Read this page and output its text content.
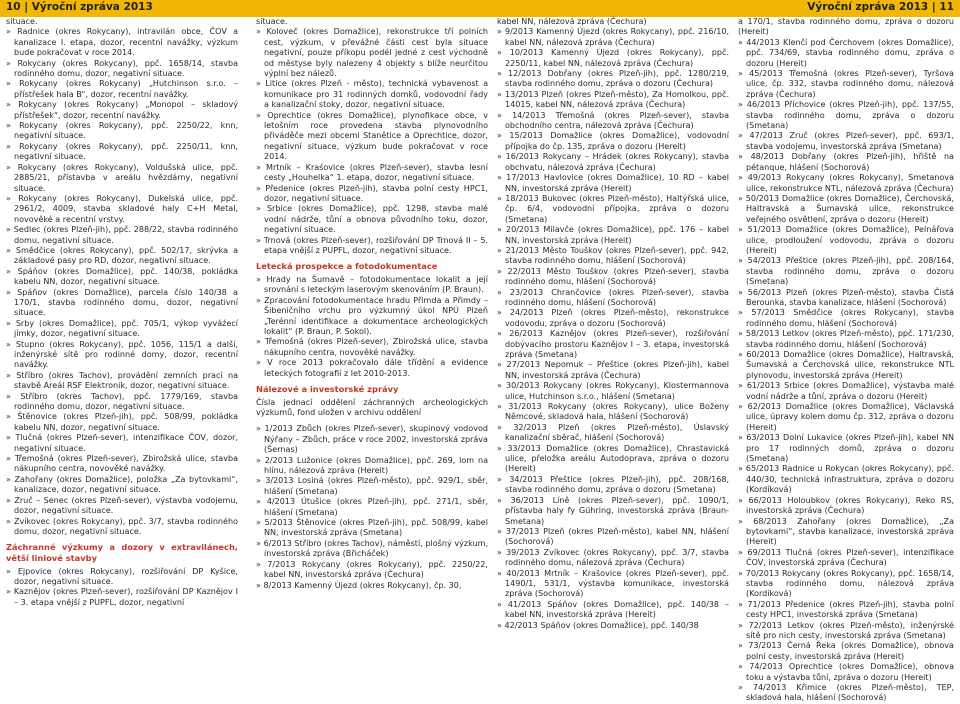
10 | Výroční zpráva 2013	Výroční zpráva 2013 | 11

situace.

» Radnice (okres Rokycany), intravilán obce, ČOV a kanalizace I. etapa, dozor, recentní navážky, výzkum bude pokračovat v roce 2014.

» Rokycany (okres Rokycany), ppč. 1658/14, stavba rodinného domu, dozor, negativní situace.

» Rokycany (okres Rokycany) „Hutchinson s.r.o. – přístřešek hala B“, dozor, recentní navážky.

» Rokycany (okres Rokycany) „Monopol – skladový přístřešek“, dozor, recentní navážky.

» Rokycany (okres Rokycany), ppč. 2250/22, knn, negativní situace.

» Rokycany (okres Rokycany), ppč. 2250/11, knn, negativní situace.

» Rokycany (okres Rokycany), Voldušská ulice, ppč. 2885/21, přístavba v areálu hvězdárny, negativní situace.

» Rokycany (okres Rokycany), Dukelská ulice, ppč. 2961/2, 4009, stavba skladové haly C+H Metal, novověké a recentní vrstvy.

» Sedlec (okres Plzeň-jih), ppč. 288/22, stavba rodinného domu, negativní situace.

» Smědčice (okres Rokycany), ppč. 502/17, skrývka a základové pasy pro RD, dozor, negativní situace.

» Spáňov (okres Domažlice), ppč. 140/38, pokládka kabelu NN, dozor, negativní situace.

» Spáňov (okres Domažlice), parcela číslo 140/38 a 170/1, stavba rodinného domu, dozor, negativní situace.

» Srby (okres Domažlice), ppč. 705/1, výkop vyváźecí jímky, dozor, negativní situace.

» Stupno (okres Rokycany), ppč. 1056, 115/1 a další, inženýrské sítě pro rodinné domy, dozor, recentní navážky.

» Stříbro (okres Tachov), provádění zemních prací na stavbě Areál RSF Elektronik, dozor, negativní situace.

» Stříbro (okres Tachov), ppč. 1779/169, stavba rodinného domu, dozor, negativní situace.

» Štěnovice (okres Plzeň-jih), ppč. 508/99, pokládka kabelu NN, dozor, negativní situace.

» Tlučná (okres Plzeň-sever), intenzifikace ČOV, dozor, negativní situace.

» Třemošná (okres Plzeň-sever), Zbirožská ulice, stavba nákupního centra, novověké navážky.

» Zahořany (okres Domažlice), položka „Za bytovkami“, kanalizace, dozor, negativní situace.

» Zruč – Senec (okres Plzeň-sever), výstavba vodojemu, dozor, negativní situace.

» Zvíkovec (okres Rokycany), ppč. 3/7, stavba rodinného domu, dozor, negativní situace.

Záchranné výzkumy a dozory v extravilánech, větší liniové stavby

» Ejpovice (okres Rokycany), rozšiřování DP Kyšice, dozor, negativní situace.

» Kaznějov (okres Plzeň-sever), rozšiřování DP Kaznějov I – 3. etapa vnější z PUPFL, dozor, negativní

situace.

» Kolovеč (okres Domažlice), rekonstrukce tří polních cest, výzkum, v převážné části cest byla situace negativní, pouze příkopu podél jedné z cest východně od městyse byly nalezeny 4 objekty s blíže neurčitou výplní bez nálezů.

» Litice (okres Plzeň - město), technická vybavenost a komunikace pro 31 rodinných domků, vodovodní řady a kanalizační stoky, dozor, negativní situace.

» Oprechtice (okres Domažlice), plynofikace obce, v letošním roce provedena stavba plynovodního přiváděče mezi obcemi Stanětice a Oprechtice, dozor, negativní situace, výzkum bude pokračovat v roce 2014.

» Mrtník – Kraśovice (okres Plzeň-sever), stavba lesní cesty „Houhelka“ 1. etapa, dozor, negativní situace.

» Předenice (okres Plzeň-jih), stavba polní cesty HPC1, dozor, negativní situace.

» Srbice (okres Domažlice), ppč. 1298, stavba malé vodní nádrže, tůní a obnova původního toku, dozor, negativní situace.

» Trnová (okres Plzeň-sever), rozšiřování DP Trnová II – 5. etapa vnější z PUPFL, dozor, negativní situace.

Letecká prospekce a fotodokumentace

» Hrady na Šumavě – fotodokumentace lokalit a její srovnání s leteckým laserovým skenováním (P. Braun).

» Zpracování fotodokumentace hradu Přimda a Přimdy – Šibeničního vrchu pro výzkumný úkol NPÚ Plzeň „Terénní identifikace a dokumentace archeologických lokalit“ (P. Braun, P. Sokol).

» Třemošná (okres Plzeň-sever), Zbirožská ulice, stavba nákupního centra, novověké navážky.

» V roce 2013 pokračovalo dále třídění a evidence leteckých fotografií z let 2010-2013.

Nálezové a investorské zprávy

Čísla jednací oddělení záchranných archeologických výzkumů, fond uložen v archivu oddělení

» 1/2013 Zbůch (okres Plzeň-sever), skupinový vodovod Nýřany – Zbůch, práce v roce 2002, investorská zpráva (Šernas)

» 2/2013 Lužonice (okres Domažlice), ppč. 269, lom na hlínu, nálezová zpráva (Hereit)

» 3/2013 Losiná (okres Plzeň-město), ppč. 929/1, sběr, hlášení (Smetana)

» 4/2013 Útušice (okres Plzeň-jih), ppč. 271/1, sběr, hlášení (Smetana)

» 5/2013 Štěnovice (okres Plzeň-jih), ppč. 508/99, kabel NN, investorská zpráva (Smetana)

» 6/2013 Stříbro (okres Tachov), náměstí, plošný výzkum, investorská zpráva (Břicháček)

» 7/2013 Rokycany (okres Rokycany), ppč. 2250/22, kabel NN, investorská zpráva (Čechura)

» 8/2013 Kamenný Újezd (okres Rokycany), čp. 30,

kabel NN, nálezová zpráva (Čechura)

» 9/2013 Kamenný Újezd (okres Rokycany), ppč. 216/10, kabel NN, nálezová zpráva (Čechura)

» 10/2013 Kamenný Újezd (okres Rokycany), ppč. 2250/11, kabel NN, nálezová zpráva (Čechura)

» 12/2013 Dobřany (okres Plzeň-jih), ppč. 1280/219, stavba rodinného domu, zpráva o dozoru (Čechura)

» 13/2013 Plzeň (okres Plzeň-město), Za Homolkou, ppč. 14015, kabel NN, nálezová zpráva (Čechura)

» 14/2013 Třemošná (okres Plzeň-sever), stavba obchodního centra, nálezová zpráva (Čechura)

» 15/2013 Domažlice (okres Domažlice), vodovodní přípojka do čp. 135, zpráva o dozoru (Hereit)

» 16/2013 Rokycany – Hrádek (okres Rokycany), stavba obchvatu, nálezová zpráva (Čechura)

» 17/2013 Havlovice (okres Domažlice), 10 RD – kabel NN, investorská zpráva (Hereit)

» 18/2013 Bukovec (okres Plzeň-město), Haltýřská ulice, čp. 6/4, vodovodní přípojka, zpráva o dozoru (Smetana)

» 20/2013 Milavče (okres Domažlice), ppč. 176 – kabel NN, investorská zpráva (Hereit)

» 21/2013 Město Touškov (okres Plzeň-sever), ppč. 942, stavba rodinného domu, hlášení (Sochorová)

» 22/2013 Město Touškov (okres Plzeň-sever), stavba rodinného domu, hlášení (Sochorová)

» 23/2013 Chrančovice (okres Plzeň-sever), stavba rodinného domu, hlášení (Sochorová)

» 24/2013 Plzeň (okres Plzeň-město), rekonstrukce vodovodu, zpráva o dozoru (Sochorová)

» 26/2013 Kaznějov (okres Plzeň-sever), rozšiřování dobývacího prostoru Kaznějov I – 3. etapa, investorská zpráva (Smetana)

» 27/2013 Nepomuk – Přeštice (okres Plzeň-jih), kabel NN, investorská zpráva (Čechura)

» 30/2013 Rokycany (okres Rokycany), Klostermannova ulice, Hutchinson s.r.o., hlášení (Smetana)

» 31/2013 Rokycany (okres Rokycany), ulice Boženy Němcové, skladová hala, hlášení (Sochorová)

» 32/2013 Plzeň (okres Plzeň-město), Úslavský kanalizační sběrač, hlášení (Sochorová)

» 33/2013 Domažlice (okres Domažlice), Chrastavická ulice, přeložka areálu Autodoprava, zpráva o dozoru (Hereit)

» 34/2013 Přeštice (okres Plzeň-jih), ppč. 208/168, stavba rodinného domu, zpráva o dozoru (Smetana)

» 36/2013 Líně (okres Plzeň-sever), ppč. 1090/1, přístavba haly fy Gühring, investorská zpráva (Braun-Smetana)

» 37/2013 Plzeň (okres Plzeň-město), kabel NN, hlášení (Sochorová)

» 39/2013 Zvíkovec (okres Rokycany), ppč. 3/7, stavba rodinného domu, nálezová zpráva (Čechura)

» 40/2013 Mrtník – Krašovice (okres Plzeň-sever), ppč. 1490/1, 531/1, výstavba komunikace, investorská zpráva (Sochorová)

» 41/2013 Spáňov (okres Domažlice), ppč. 140/38 – kabel NN, investorská zpráva (Hereit)

» 42/2013 Spáňov (okres Domažlice), ppč. 140/38

a 170/1, stavba rodinného domu, zpráva o dozoru (Hereit)

» 44/2013 Klenčí pod Čerchovem (okres Domažlice), ppč. 734/69, stavba rodinného domu, zpráva o dozoru (Hereit)

» 45/2013 Třemošná (okres Plzeň-sever), Tyršova ulice, čp. 332, stavba rodinného domu, nálezová zpráva (Čechura)

» 46/2013 Příchovice (okres Plzeň-jih), ppč. 137/55, stavba rodinného domu, zpráva o dozoru (Smetana)

» 47/2013 Zruč (okres Plzeň-sever), ppč. 693/1, stavba vodojemu, investorská zpráva (Smetana)

» 48/2013 Dobřany (okres Plzeň-jih), hřiště na pétanque, hlášení (Sochorová)

» 49/2013 Rokycany (okres Rokycany), Smetanova ulice, rekonstrukce NTL, nálezová zpráva (Čechura)

» 50/2013 Domažlice (okres Domažlice), Čerchovská, Haltravská a Šumavská ulice, rekonstrukce veřejného osvětlení, zpráva o dozoru (Hereit)

» 51/2013 Domažlice (okres Domažlice), Pelnářova ulice, prodloužení vodovodu, zpráva o dozoru (Hereit)

» 54/2013 Přeštice (okres Plzeň-jih), ppč. 208/164, stavba rodinného domu, zpráva o dozoru (Smetana)

» 56/2013 Plzeň (okres Plzeň-město), stavba Čistá Berounka, stavba kanalizace, hlášení (Sochorová)

» 57/2013 Smědčice (okres Rokycany), stavba rodinného domu, hlášení (Sochorová)

» 58/2013 Letkov (okres Plzeň-město), ppč. 171/230, stavba rodinného domu, hlášení (Sochorová)

» 60/2013 Domažlice (okres Domažlice), Haltravská, Šumavská a Čerchovská ulice, rekonstrukce NTL plynovodu, investorská zpráva (Hereit)

» 61/2013 Srbice (okres Domažlice), výstavba malé vodní nádrže a tůní, zpráva o dozoru (Hereit)

» 62/2013 Domažlice (okres Domažlice), Václavská ulice, úpravy kolem domu čp. 312, zpráva o dozoru (Hereit)

» 63/2013 Dolní Lukavice (okres Plzeň-jih), kabel NN pro 17 rodinných domů, zpráva o dozoru (Smetana)

» 65/2013 Radnice u Rokycan (okres Rokycany), ppč. 440/30, technická infrastruktura, zpráva o dozoru (Kordíková)

» 66/2013 Holoubkov (okres Rokycany), Reko RS, investorská zpráva (Čechura)

» 68/2013 Zahořany (okres Domažlice), „Za bytovkami“, stavba kanalizace, investorská zpráva (Hereit)

» 69/2013 Tlučná (okres Plzeň-sever), intenzifikace ČOV, investorská zpráva (Čechura)

» 70/2013 Rokycany (okres Rokycany), ppč. 1658/14, stavba rodinného domu, nálezová zpráva (Kordíková)

» 71/2013 Předenice (okres Plzeň-jih), stavba polní cesty HPC1, investorská zpráva (Smetana)

» 72/2013 Letkov (okres Plzeň-město), inženýrské sítě pro nich cesty, investorská zpráva (Smetana)

» 73/2013 Černá Řeka (okres Domažlice), obnova polní cesty, investorská zpráva (Hereit)

» 74/2013 Oprechtice (okres Domažlice), obnova toku a výstavba tůní, zpráva o dozoru (Hereit)

» 74/2013 Křimice (okres Plzeň-město), TEP, skladová hala, hlášení (Sochorová)
